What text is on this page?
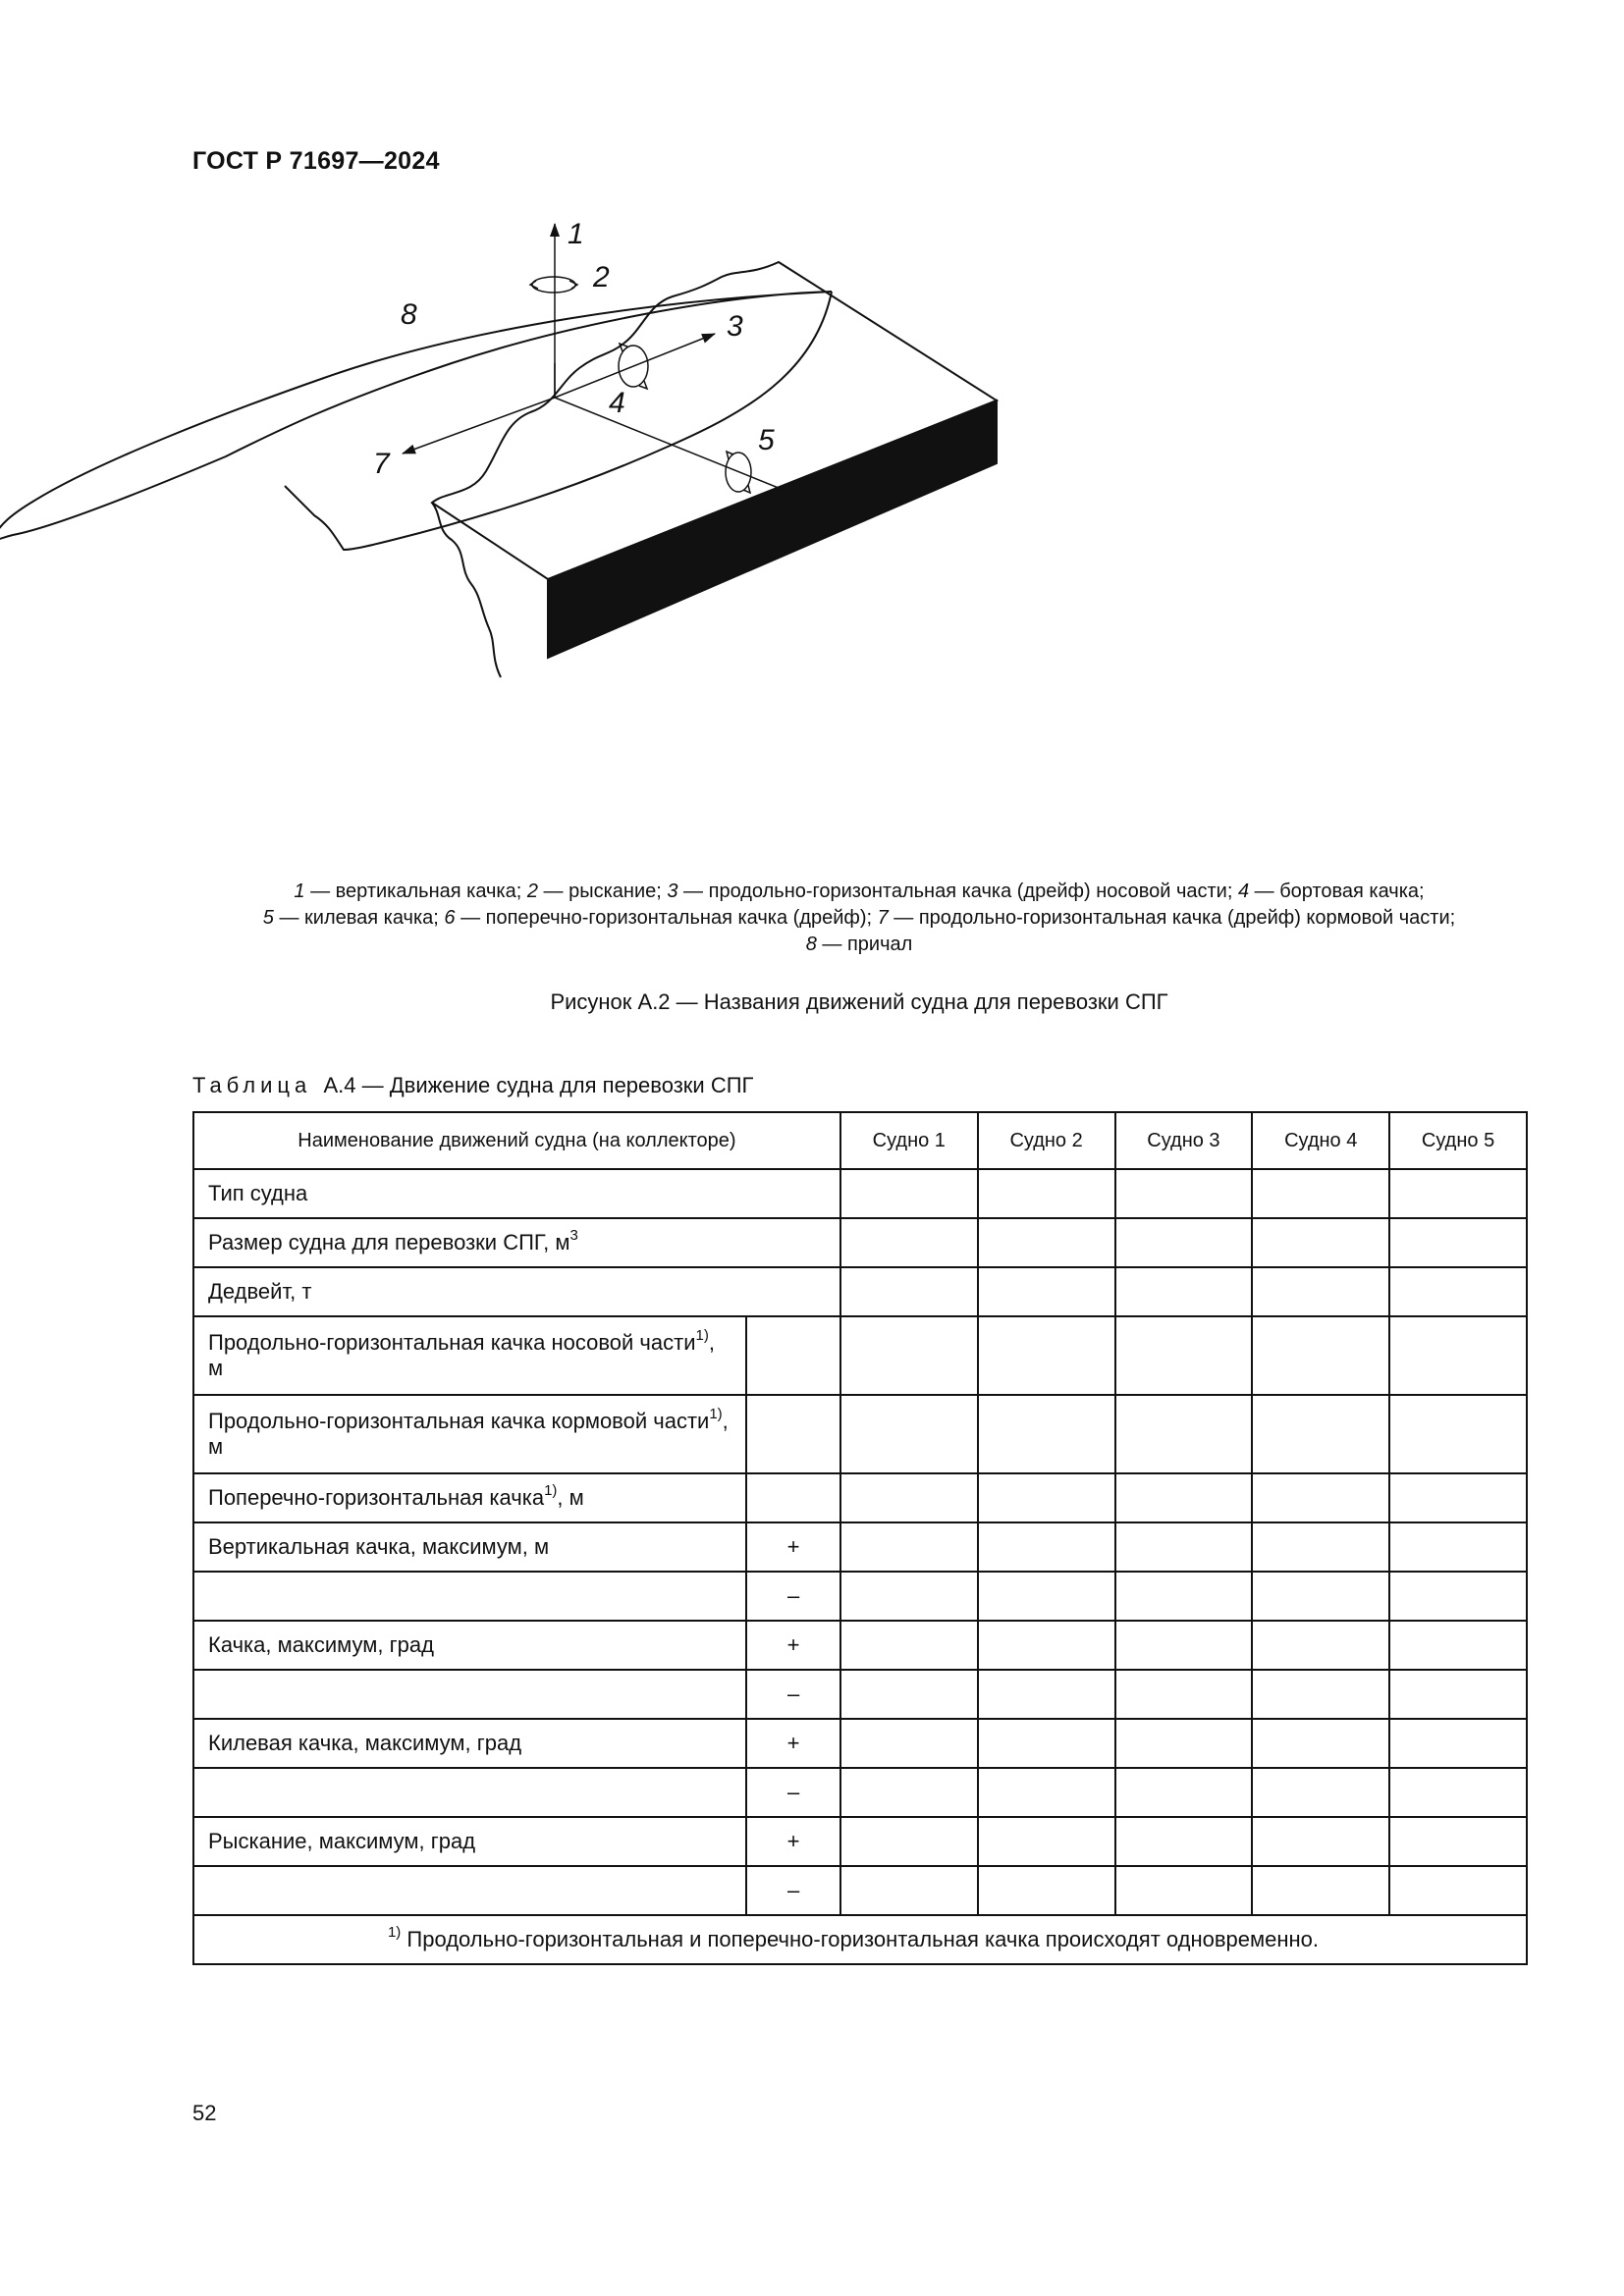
ГОСТ Р 71697—2024
1
2
3
4
5
6
7
8
1 — вертикальная качка; 2 — рыскание; 3 — продольно-горизонтальная качка (дрейф) носовой части; 4 — бортовая качка;
5 — килевая качка; 6 — поперечно-горизонтальная качка (дрейф); 7 — продольно-горизонтальная качка (дрейф) кормовой части;
8 — причал
Рисунок А.2 — Названия движений судна для перевозки СПГ
Таблица А.4 — Движение судна для перевозки СПГ
Наименование движений судна (на коллекторе)		Судно 1	Судно 2	Судно 3	Судно 4	Судно 5
Тип судна						
Размер судна для перевозки СПГ, $м^3$					
Дедвейт, т						
Продольно-горизонтальная качка носовой части$^{1)}$, м						
Продольно-горизонтальная качка кормовой части$^{1)}$, м						
Поперечно-горизонтальная качка$^{1)}$, м						
Вертикальная качка, максимум, м	+					
	–					
Качка, максимум, град	+					
	–					
Килевая качка, максимум, град	+					
	–					
Рыскание, максимум, град	+					
	–					
$^{1)}$ Продольно-горизонтальная и поперечно-горизонтальная качка происходят одновременно.						
52
